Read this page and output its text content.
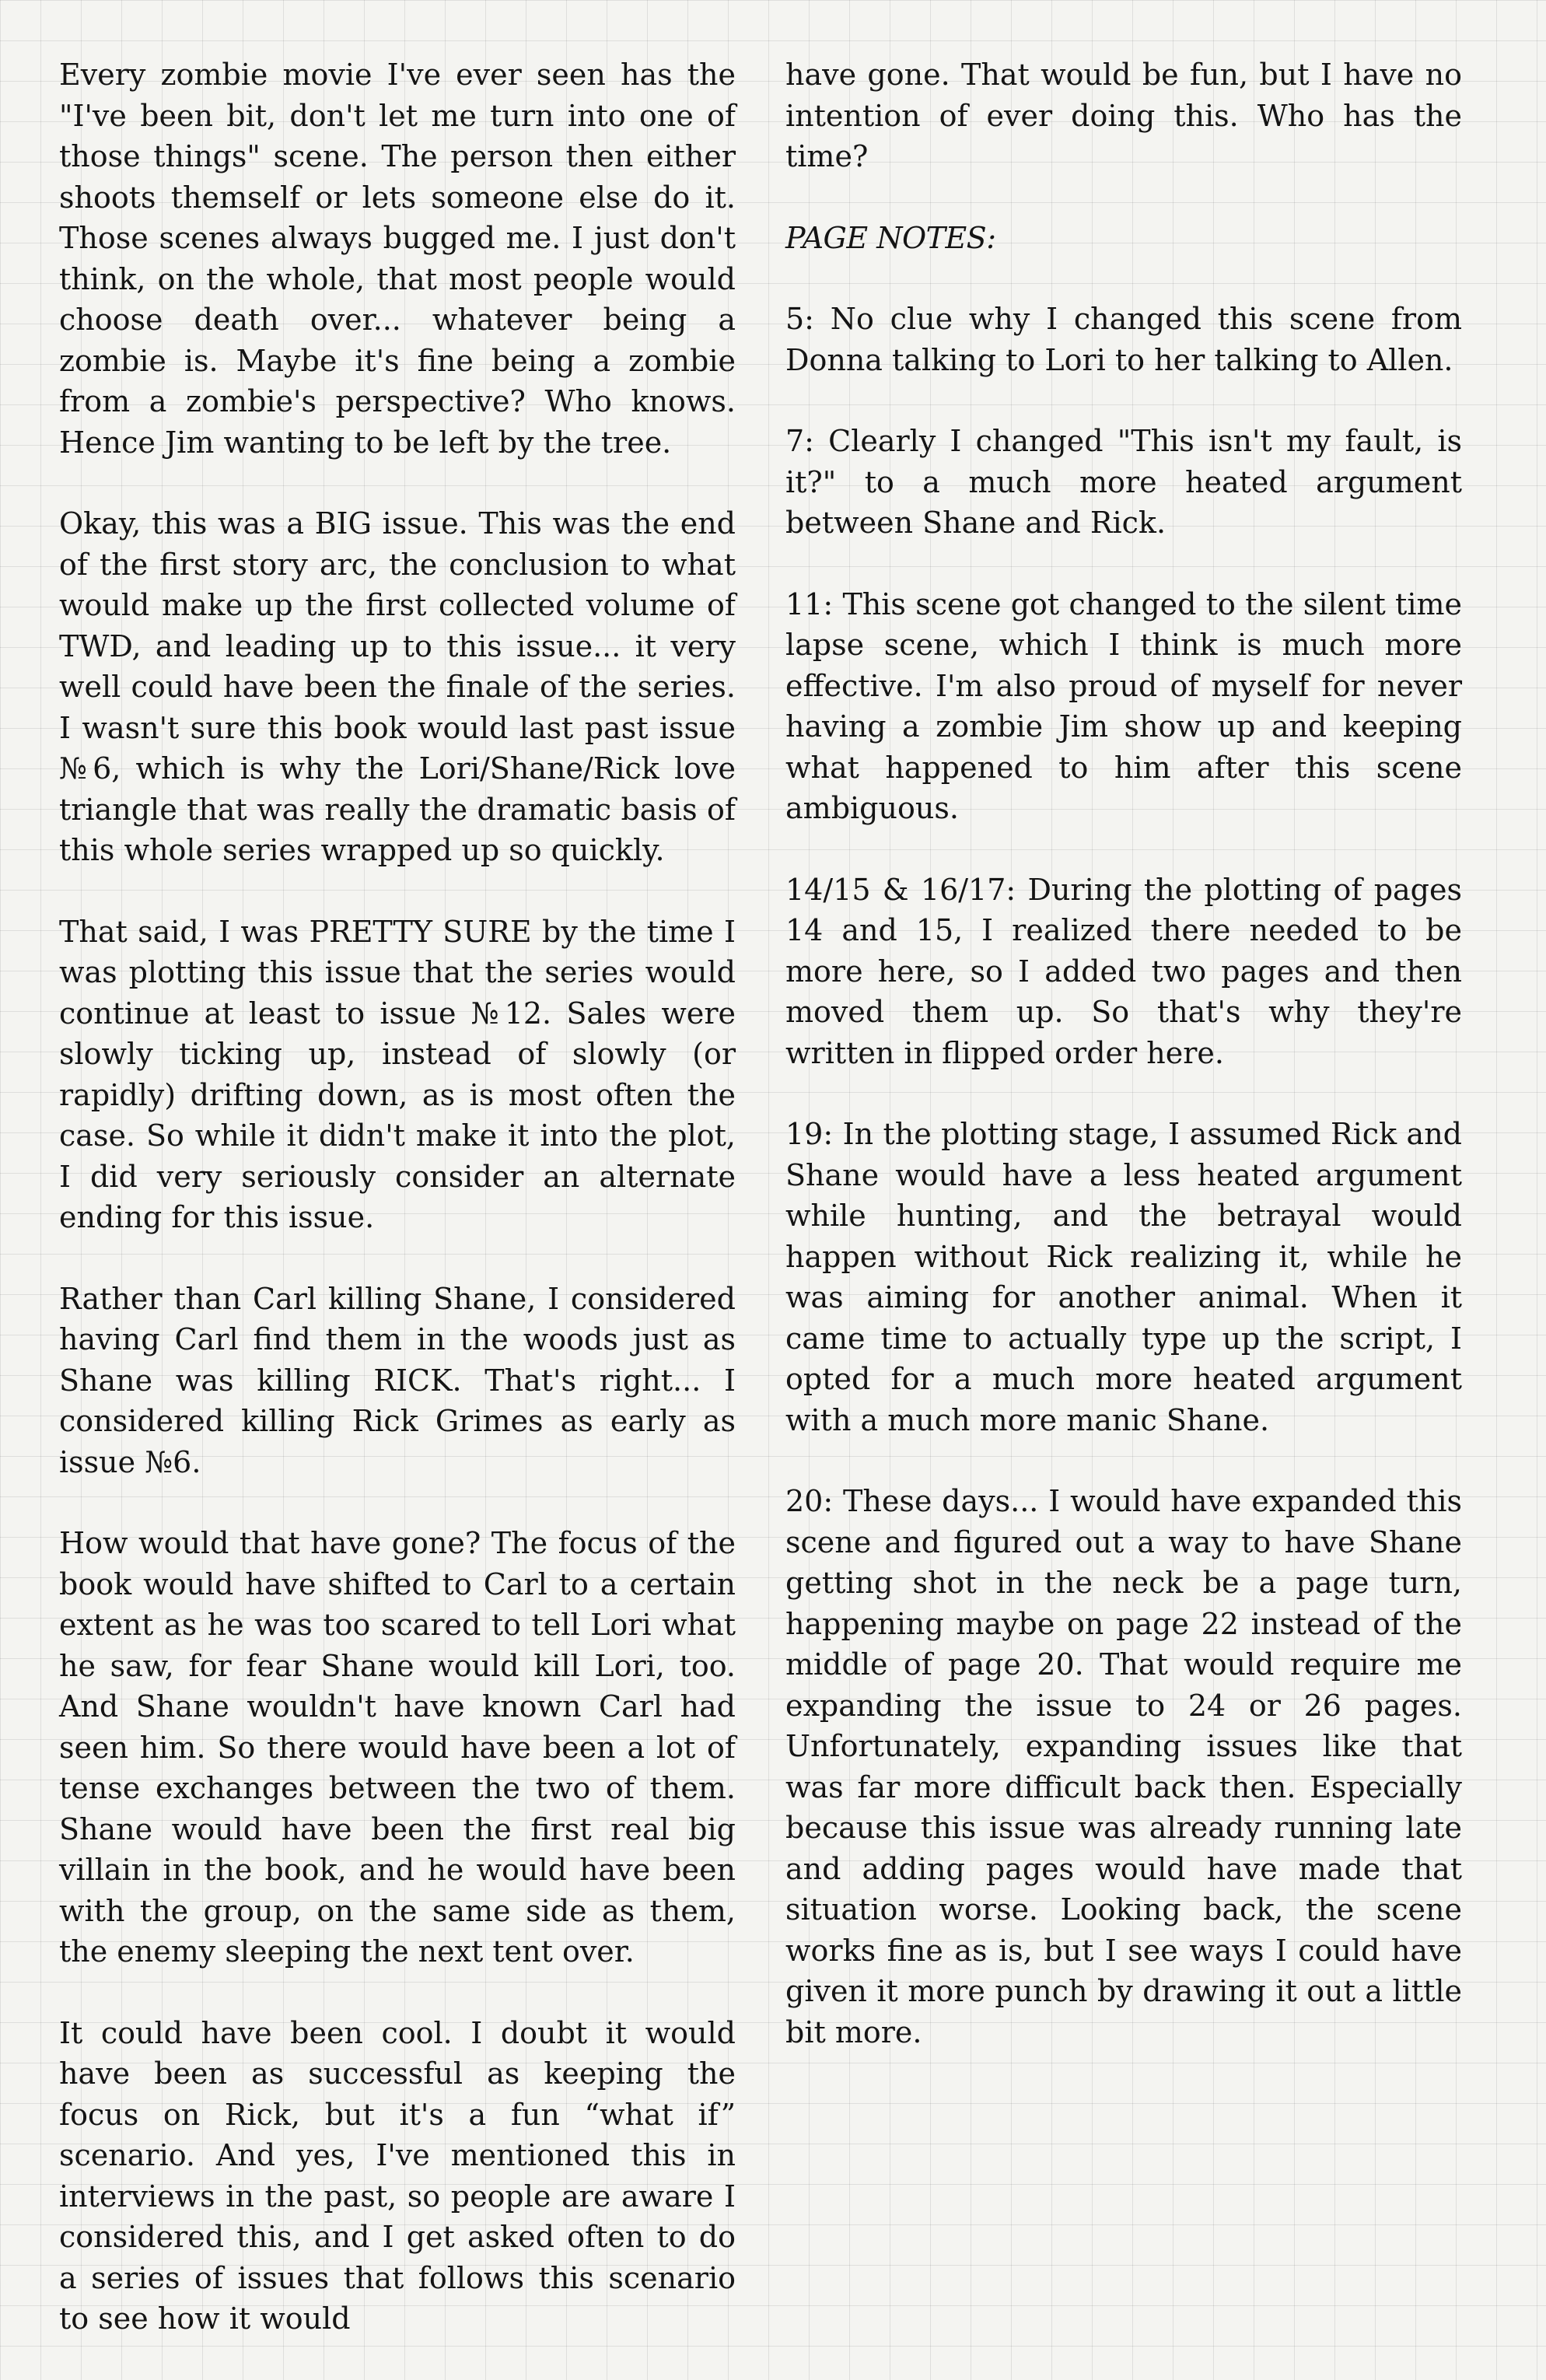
Every zombie movie I've ever seen has the "I've been bit, don't let me turn into one of those things" scene. The person then either shoots themself or lets someone else do it. Those scenes always bugged me. I just don't think, on the whole, that most people would choose death over... whatever being a zombie is. Maybe it's fine being a zombie from a zombie's perspective? Who knows. Hence Jim wanting to be left by the tree.

Okay, this was a BIG issue. This was the end of the first story arc, the conclusion to what would make up the first collected volume of TWD, and leading up to this issue... it very well could have been the finale of the series. I wasn't sure this book would last past issue №6, which is why the Lori/Shane/Rick love triangle that was really the dramatic basis of this whole series wrapped up so quickly.

That said, I was PRETTY SURE by the time I was plotting this issue that the series would continue at least to issue №12. Sales were slowly ticking up, instead of slowly (or rapidly) drifting down, as is most often the case. So while it didn't make it into the plot, I did very seriously consider an alternate ending for this issue.

Rather than Carl killing Shane, I considered having Carl find them in the woods just as Shane was killing RICK. That's right... I considered killing Rick Grimes as early as issue №6.

How would that have gone? The focus of the book would have shifted to Carl to a certain extent as he was too scared to tell Lori what he saw, for fear Shane would kill Lori, too. And Shane wouldn't have known Carl had seen him. So there would have been a lot of tense exchanges between the two of them. Shane would have been the first real big villain in the book, and he would have been with the group, on the same side as them, the enemy sleeping the next tent over.

It could have been cool. I doubt it would have been as successful as keeping the focus on Rick, but it's a fun “what if” scenario. And yes, I've mentioned this in interviews in the past, so people are aware I considered this, and I get asked often to do a series of issues that follows this scenario to see how it would

have gone. That would be fun, but I have no intention of ever doing this. Who has the time?

PAGE NOTES:

5: No clue why I changed this scene from Donna talking to Lori to her talking to Allen.

7: Clearly I changed "This isn't my fault, is it?" to a much more heated argument between Shane and Rick.

11: This scene got changed to the silent time lapse scene, which I think is much more effective. I'm also proud of myself for never having a zombie Jim show up and keeping what happened to him after this scene ambiguous.

14/15 & 16/17: During the plotting of pages 14 and 15, I realized there needed to be more here, so I added two pages and then moved them up. So that's why they're written in flipped order here.

19: In the plotting stage, I assumed Rick and Shane would have a less heated argument while hunting, and the betrayal would happen without Rick realizing it, while he was aiming for another animal. When it came time to actually type up the script, I opted for a much more heated argument with a much more manic Shane.

20: These days... I would have expanded this scene and figured out a way to have Shane getting shot in the neck be a page turn, happening maybe on page 22 instead of the middle of page 20. That would require me expanding the issue to 24 or 26 pages. Unfortunately, expanding issues like that was far more difficult back then. Especially because this issue was already running late and adding pages would have made that situation worse. Looking back, the scene works fine as is, but I see ways I could have given it more punch by drawing it out a little bit more.
